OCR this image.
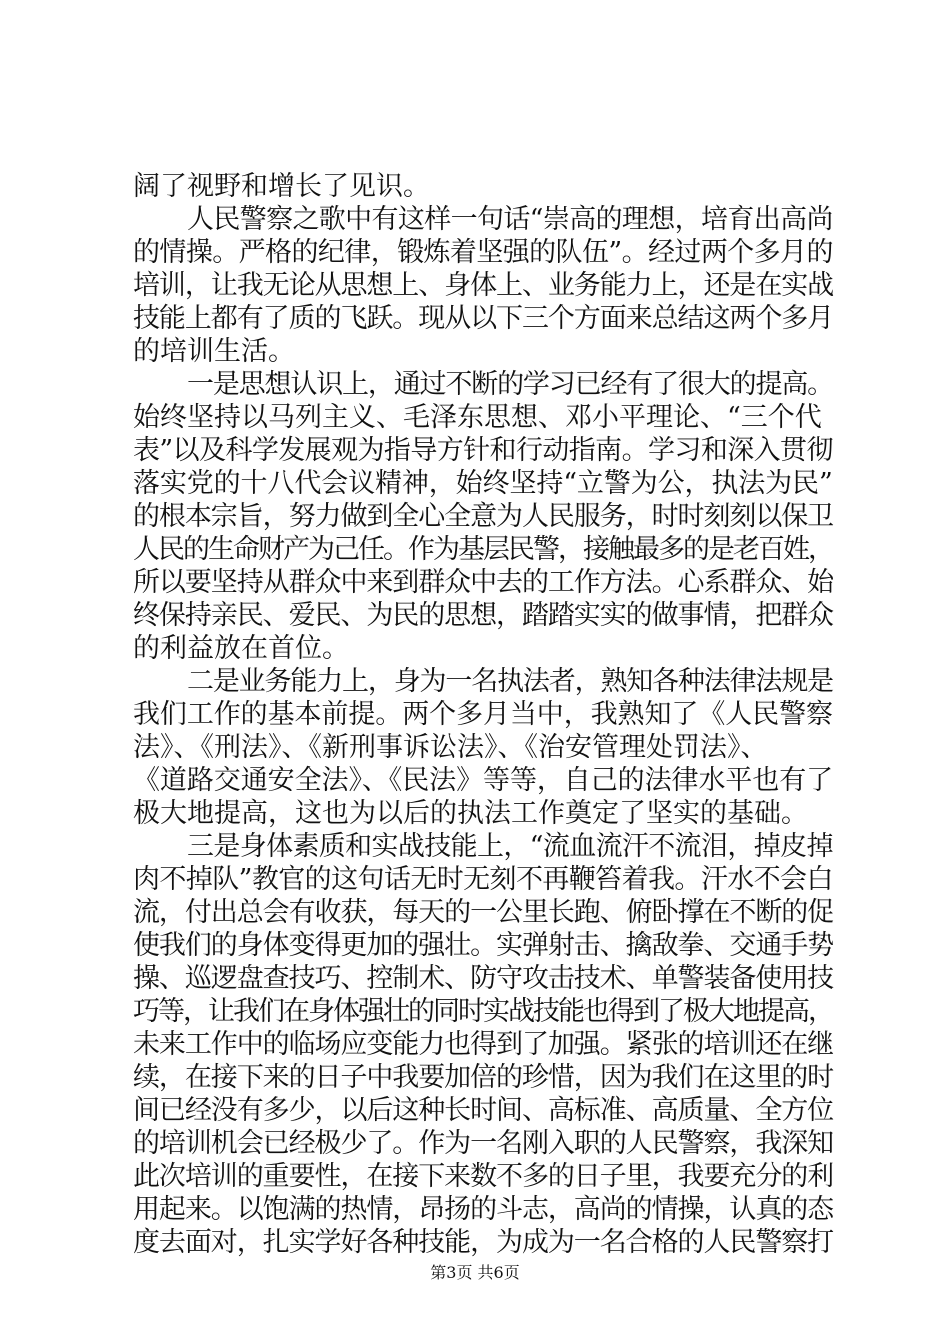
阔了视野和增长了见识。
人民警察之歌中有这样一句话“崇高的理想，培育出高尚
的情操。严格的纪律，锻炼着坚强的队伍”。经过两个多月的
培训，让我无论从思想上、身体上、业务能力上，还是在实战
技能上都有了质的飞跃。现从以下三个方面来总结这两个多月
的培训生活。
一是思想认识上，通过不断的学习已经有了很大的提高。
始终坚持以马列主义、毛泽东思想、邓小平理论、“三个代
表”以及科学发展观为指导方针和行动指南。学习和深入贯彻
落实党的十八代会议精神，始终坚持“立警为公，执法为民”
的根本宗旨，努力做到全心全意为人民服务，时时刻刻以保卫
人民的生命财产为己任。作为基层民警，接触最多的是老百姓，
所以要坚持从群众中来到群众中去的工作方法。心系群众、始
终保持亲民、爱民、为民的思想，踏踏实实的做事情，把群众
的利益放在首位。
二是业务能力上，身为一名执法者，熟知各种法律法规是
我们工作的基本前提。两个多月当中，我熟知了《人民警察
法》、《刑法》、《新刑事诉讼法》、《治安管理处罚法》、
《道路交通安全法》、《民法》等等，自己的法律水平也有了
极大地提高，这也为以后的执法工作奠定了坚实的基础。
三是身体素质和实战技能上，“流血流汗不流泪，掉皮掉
肉不掉队”教官的这句话无时无刻不再鞭笞着我。汗水不会白
流，付出总会有收获，每天的一公里长跑、俯卧撑在不断的促
使我们的身体变得更加的强壮。实弹射击、擒敌拳、交通手势
操、巡逻盘查技巧、控制术、防守攻击技术、单警装备使用技
巧等，让我们在身体强壮的同时实战技能也得到了极大地提高，
未来工作中的临场应变能力也得到了加强。紧张的培训还在继
续，在接下来的日子中我要加倍的珍惜，因为我们在这里的时
间已经没有多少，以后这种长时间、高标准、高质量、全方位
的培训机会已经极少了。作为一名刚入职的人民警察，我深知
此次培训的重要性，在接下来数不多的日子里，我要充分的利
用起来。以饱满的热情，昂扬的斗志，高尚的情操，认真的态
度去面对，扎实学好各种技能，为成为一名合格的人民警察打
第3页 共6页
